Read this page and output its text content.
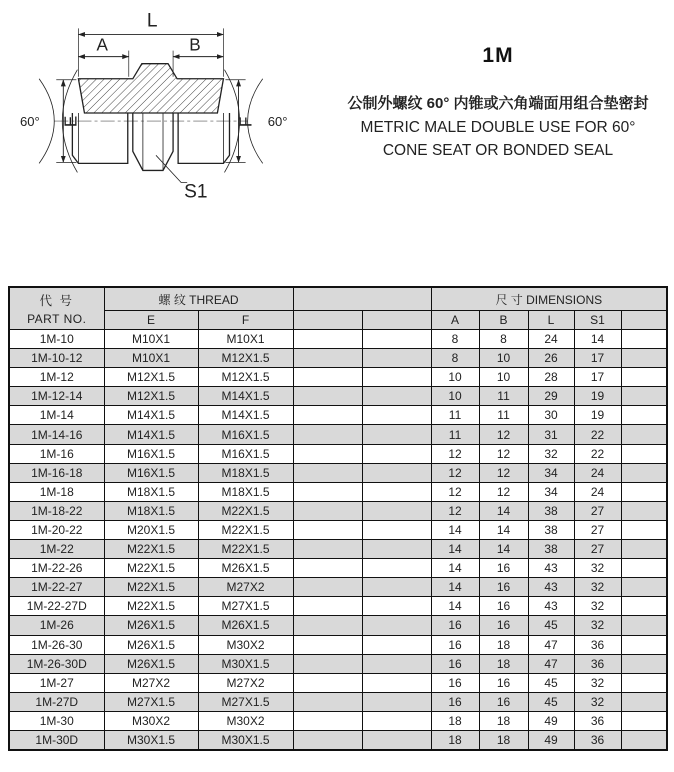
L
A	B
E	F
60°	60°
S1
1M
公制外螺纹 60° 内锥或六角端面用组合垫密封
METRIC MALE DOUBLE USE FOR 60°
CONE SEAT OR BONDED SEAL
代 号
PART NO.	螺 纹 THREAD				尺 寸 DIMENSIONS				
	E	F			A	B	L	S1	
1M-10	M10X1	M10X1			8	8	24	14	
1M-10-12	M10X1	M12X1.5			8	10	26	17	
1M-12	M12X1.5	M12X1.5			10	10	28	17	
1M-12-14	M12X1.5	M14X1.5			10	11	29	19	
1M-14	M14X1.5	M14X1.5			11	11	30	19	
1M-14-16	M14X1.5	M16X1.5			11	12	31	22	
1M-16	M16X1.5	M16X1.5			12	12	32	22	
1M-16-18	M16X1.5	M18X1.5			12	12	34	24	
1M-18	M18X1.5	M18X1.5			12	12	34	24	
1M-18-22	M18X1.5	M22X1.5			12	14	38	27	
1M-20-22	M20X1.5	M22X1.5			14	14	38	27	
1M-22	M22X1.5	M22X1.5			14	14	38	27	
1M-22-26	M22X1.5	M26X1.5			14	16	43	32	
1M-22-27	M22X1.5	M27X2			14	16	43	32	
1M-22-27D	M22X1.5	M27X1.5			14	16	43	32	
1M-26	M26X1.5	M26X1.5			16	16	45	32	
1M-26-30	M26X1.5	M30X2			16	18	47	36	
1M-26-30D	M26X1.5	M30X1.5			16	18	47	36	
1M-27	M27X2	M27X2			16	16	45	32	
1M-27D	M27X1.5	M27X1.5			16	16	45	32	
1M-30	M30X2	M30X2			18	18	49	36	
1M-30D	M30X1.5	M30X1.5			18	18	49	36	
